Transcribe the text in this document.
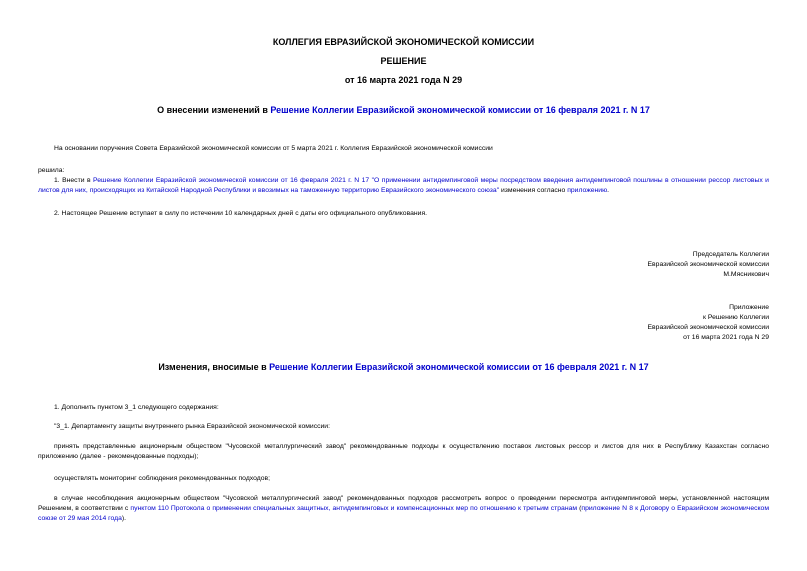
КОЛЛЕГИЯ ЕВРАЗИЙСКОЙ ЭКОНОМИЧЕСКОЙ КОМИССИИ
РЕШЕНИЕ
от 16 марта 2021 года N 29
О внесении изменений в Решение Коллегии Евразийской экономической комиссии от 16 февраля 2021 г. N 17
На основании поручения Совета Евразийской экономической комиссии от 5 марта 2021 г. Коллегия Евразийской экономической комиссии
решила:
1. Внести в Решение Коллегии Евразийской экономической комиссии от 16 февраля 2021 г. N 17 "О применении антидемпинговой меры посредством введения антидемпинговой пошлины в отношении рессор листовых и листов для них, происходящих из Китайской Народной Республики и ввозимых на таможенную территорию Евразийского экономического союза" изменения согласно приложению.
2. Настоящее Решение вступает в силу по истечении 10 календарных дней с даты его официального опубликования.
Председатель Коллегии
Евразийской экономической комиссии
М.Мясникович
Приложение
к Решению Коллегии
Евразийской экономической комиссии
от 16 марта 2021 года N 29
Изменения, вносимые в Решение Коллегии Евразийской экономической комиссии от 16 февраля 2021 г. N 17
1. Дополнить пунктом 3_1 следующего содержания:
"3_1. Департаменту защиты внутреннего рынка Евразийской экономической комиссии:
принять представленные акционерным обществом "Чусовской металлургический завод" рекомендованные подходы к осуществлению поставок листовых рессор и листов для них в Республику Казахстан согласно приложению (далее - рекомендованные подходы);
осуществлять мониторинг соблюдения рекомендованных подходов;
в случае несоблюдения акционерным обществом "Чусовской металлургический завод" рекомендованных подходов рассмотреть вопрос о проведении пересмотра антидемпинговой меры, установленной настоящим Решением, в соответствии с пунктом 110 Протокола о применении специальных защитных, антидемпинговых и компенсационных мер по отношению к третьим странам (приложение N 8 к Договору о Евразийском экономическом союзе от 29 мая 2014 года).
